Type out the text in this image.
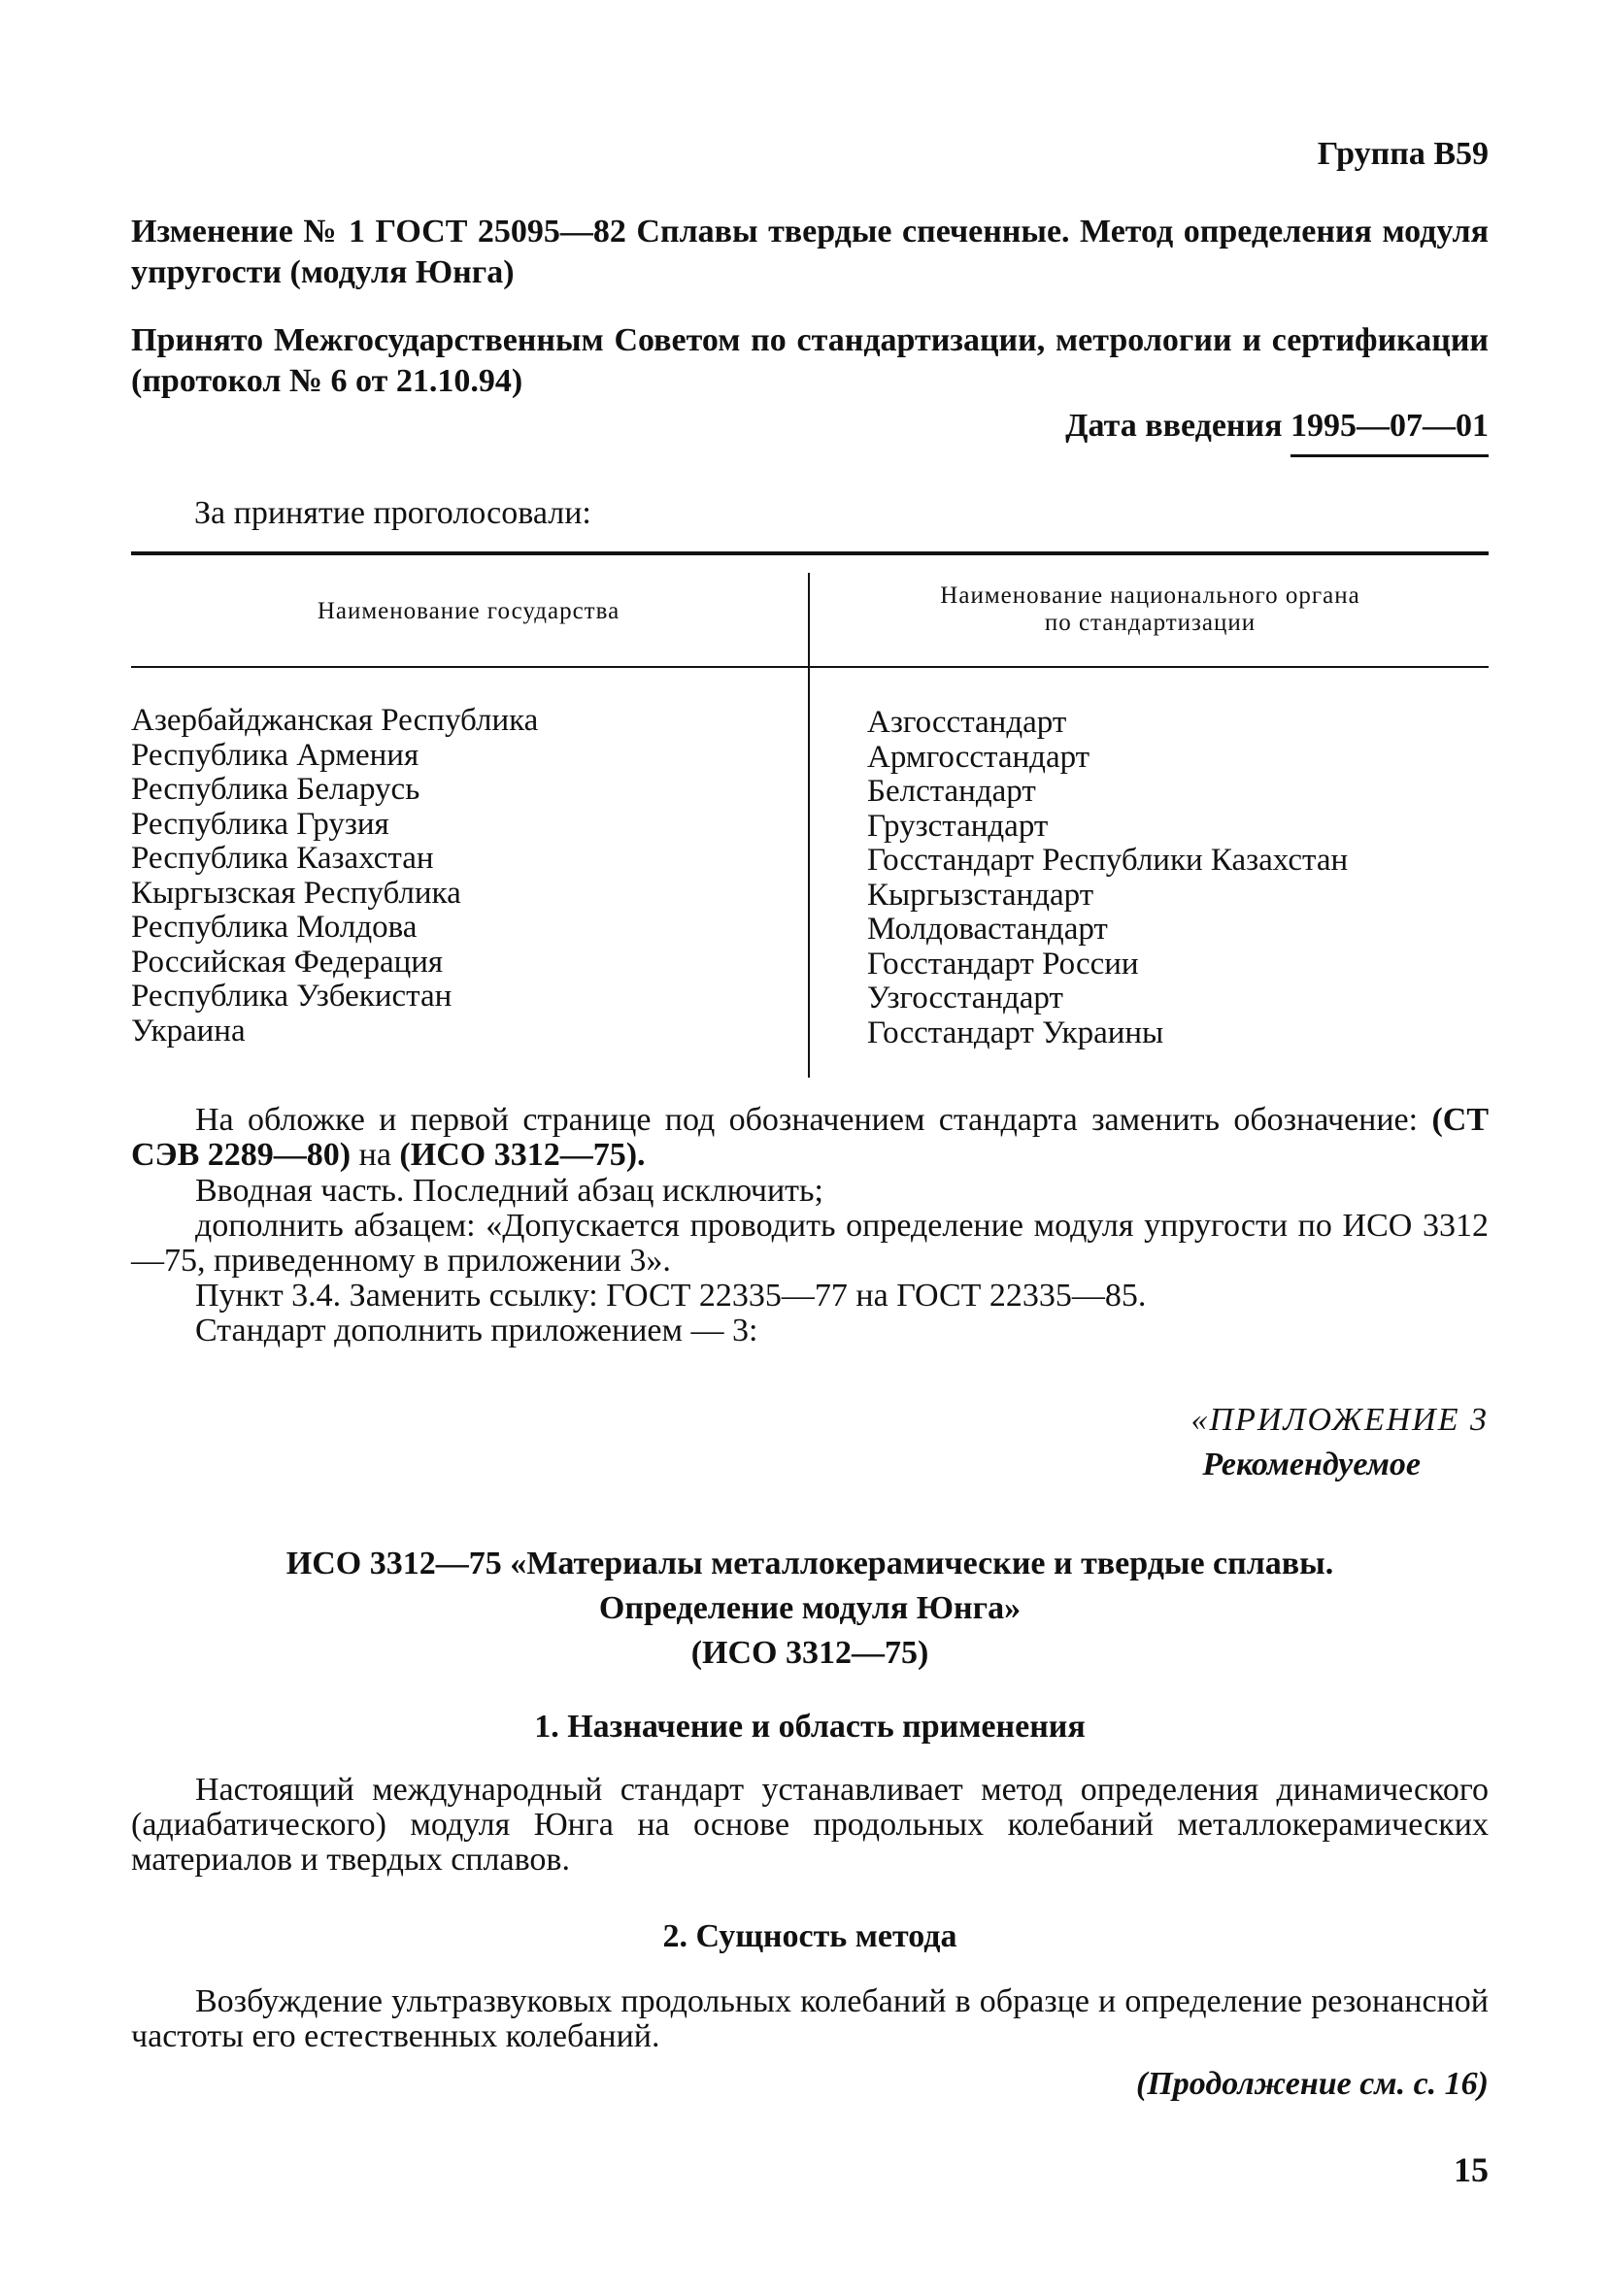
Группа В59
Изменение № 1 ГОСТ 25095—82 Сплавы твердые спеченные. Метод определения модуля упругости (модуля Юнга)
Принято Межгосударственным Советом по стандартизации, метрологии и сертификации (протокол № 6 от 21.10.94)
Дата введения 1995—07—01
За принятие проголосовали:
Наименование государства
Наименование национального органа
по стандартизации
Азербайджанская Республика
Республика Армения
Республика Беларусь
Республика Грузия
Республика Казахстан
Кыргызская Республика
Республика Молдова
Российская Федерация
Республика Узбекистан
Украина
Азгосстандарт
Армгосстандарт
Белстандарт
Грузстандарт
Госстандарт Республики Казахстан
Кыргызстандарт
Молдовастандарт
Госстандарт России
Узгосстандарт
Госстандарт Украины
На обложке и первой странице под обозначением стандарта заменить обозначение: (СТ СЭВ 2289—80) на (ИСО 3312—75).
Вводная часть. Последний абзац исключить;
дополнить абзацем: «Допускается проводить определение модуля упругости по ИСО 3312—75, приведенному в приложении 3».
Пункт 3.4. Заменить ссылку: ГОСТ 22335—77 на ГОСТ 22335—85.
Стандарт дополнить приложением — 3:
«ПРИЛОЖЕНИЕ 3
Рекомендуемое
ИСО 3312—75 «Материалы металлокерамические и твердые сплавы.
Определение модуля Юнга»
(ИСО 3312—75)
1. Назначение и область применения
Настоящий международный стандарт устанавливает метод определения динамического (адиабатического) модуля Юнга на основе продольных колебаний металлокерамических материалов и твердых сплавов.
2. Сущность метода
Возбуждение ультразвуковых продольных колебаний в образце и определение резонансной частоты его естественных колебаний.
(Продолжение см. с. 16)
15
